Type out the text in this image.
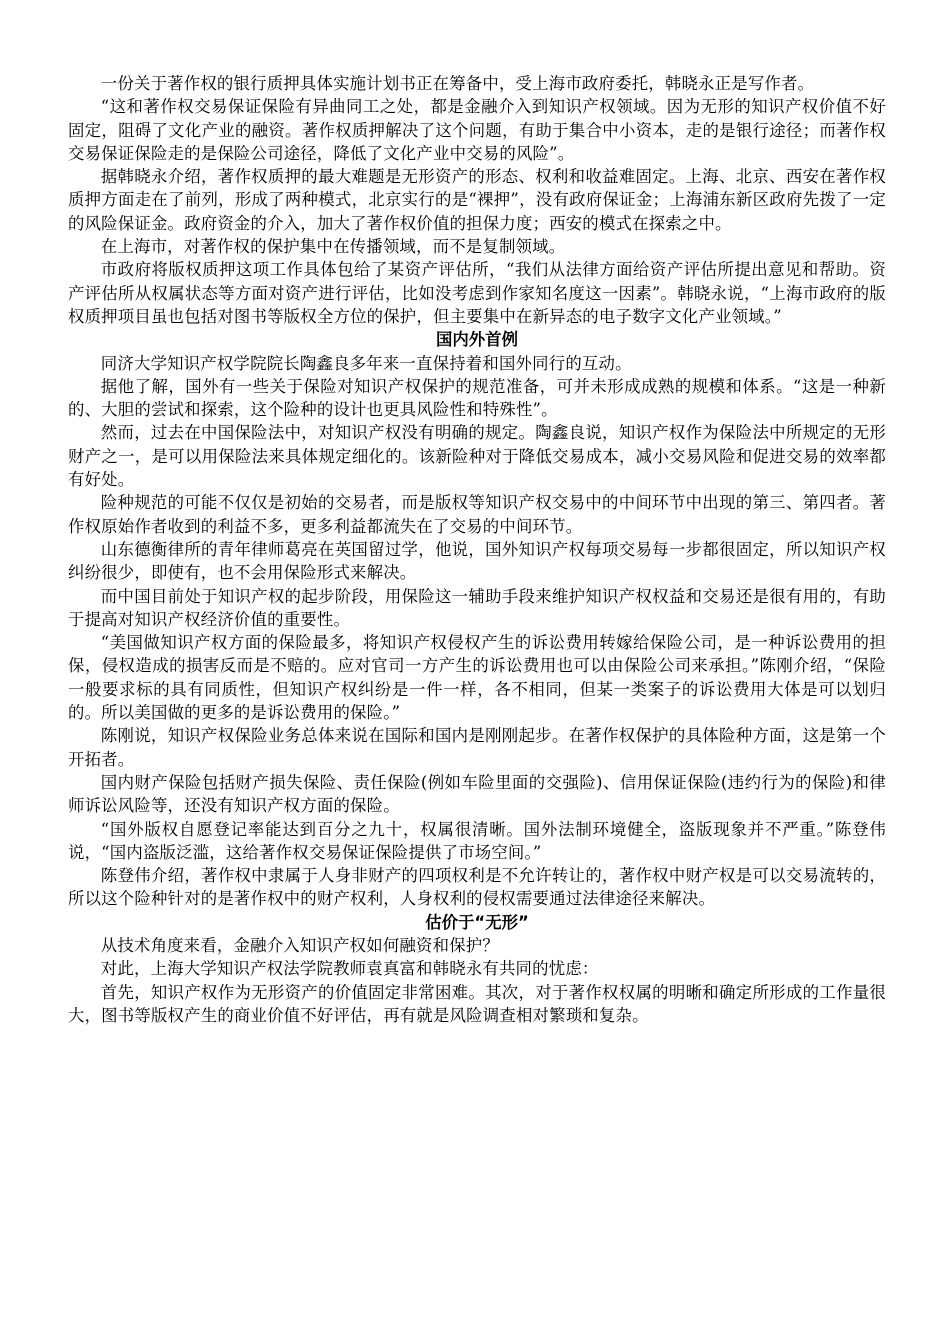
一份关于著作权的银行质押具体实施计划书正在筹备中，受上海市政府委托，韩晓永正是写作者。

“这和著作权交易保证保险有异曲同工之处，都是金融介入到知识产权领域。因为无形的知识产权价值不好固定，阻碍了文化产业的融资。著作权质押解决了这个问题，有助于集合中小资本，走的是银行途径；而著作权交易保证保险走的是保险公司途径，降低了文化产业中交易的风险”。

据韩晓永介绍，著作权质押的最大难题是无形资产的形态、权利和收益难固定。上海、北京、西安在著作权质押方面走在了前列，形成了两种模式，北京实行的是“裸押”，没有政府保证金；上海浦东新区政府先拨了一定的风险保证金。政府资金的介入，加大了著作权价值的担保力度；西安的模式在探索之中。

在上海市，对著作权的保护集中在传播领域，而不是复制领域。

市政府将版权质押这项工作具体包给了某资产评估所，“我们从法律方面给资产评估所提出意见和帮助。资产评估所从权属状态等方面对资产进行评估，比如没考虑到作家知名度这一因素”。韩晓永说，“上海市政府的版权质押项目虽也包括对图书等版权全方位的保护，但主要集中在新异态的电子数字文化产业领域。”

国内外首例

同济大学知识产权学院院长陶鑫良多年来一直保持着和国外同行的互动。

据他了解，国外有一些关于保险对知识产权保护的规范准备，可并未形成成熟的规模和体系。“这是一种新的、大胆的尝试和探索，这个险种的设计也更具风险性和特殊性”。

然而，过去在中国保险法中，对知识产权没有明确的规定。陶鑫良说，知识产权作为保险法中所规定的无形财产之一，是可以用保险法来具体规定细化的。该新险种对于降低交易成本，减小交易风险和促进交易的效率都有好处。

险种规范的可能不仅仅是初始的交易者，而是版权等知识产权交易中的中间环节中出现的第三、第四者。著作权原始作者收到的利益不多，更多利益都流失在了交易的中间环节。

山东德衡律所的青年律师葛亮在英国留过学，他说，国外知识产权每项交易每一步都很固定，所以知识产权纠纷很少，即使有，也不会用保险形式来解决。

而中国目前处于知识产权的起步阶段，用保险这一辅助手段来维护知识产权权益和交易还是很有用的，有助于提高对知识产权经济价值的重要性。

“美国做知识产权方面的保险最多，将知识产权侵权产生的诉讼费用转嫁给保险公司，是一种诉讼费用的担保，侵权造成的损害反而是不赔的。应对官司一方产生的诉讼费用也可以由保险公司来承担。”陈刚介绍，“保险一般要求标的具有同质性，但知识产权纠纷是一件一样，各不相同，但某一类案子的诉讼费用大体是可以划归的。所以美国做的更多的是诉讼费用的保险。”

陈刚说，知识产权保险业务总体来说在国际和国内是刚刚起步。在著作权保护的具体险种方面，这是第一个开拓者。

国内财产保险包括财产损失保险、责任保险(例如车险里面的交强险)、信用保证保险(违约行为的保险)和律师诉讼风险等，还没有知识产权方面的保险。

“国外版权自愿登记率能达到百分之九十，权属很清晰。国外法制环境健全，盗版现象并不严重。”陈登伟说，“国内盗版泛滥，这给著作权交易保证保险提供了市场空间。”

陈登伟介绍，著作权中隶属于人身非财产的四项权利是不允许转让的，著作权中财产权是可以交易流转的，所以这个险种针对的是著作权中的财产权利，人身权利的侵权需要通过法律途径来解决。

估价于“无形”

从技术角度来看，金融介入知识产权如何融资和保护？

对此，上海大学知识产权法学院教师袁真富和韩晓永有共同的忧虑：

首先，知识产权作为无形资产的价值固定非常困难。其次，对于著作权权属的明晰和确定所形成的工作量很大，图书等版权产生的商业价值不好评估，再有就是风险调查相对繁琐和复杂。
